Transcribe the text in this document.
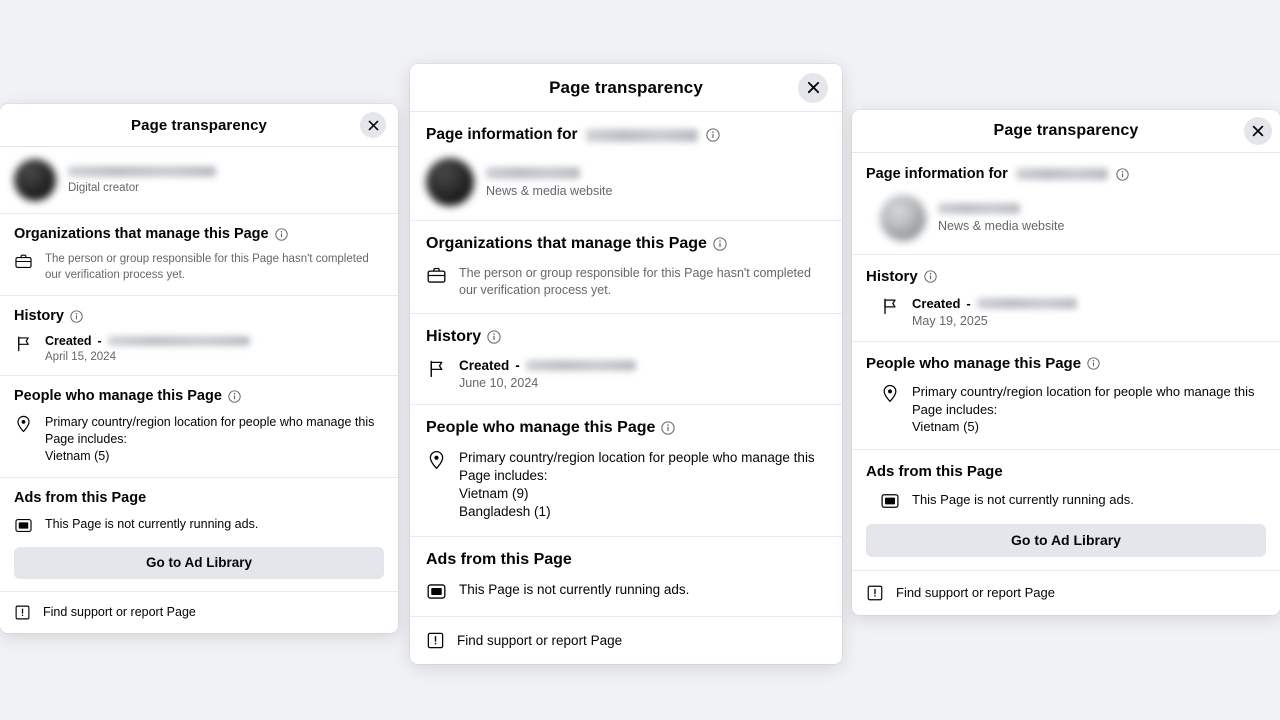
Page transparency
Digital creator
Organizations that manage this Page
The person or group responsible for this Page hasn't completed our verification process yet.
History
Created -
April 15, 2024
People who manage this Page
Primary country/region location for people who manage this Page includes:
Vietnam (5)
Ads from this Page
This Page is not currently running ads.
Go to Ad Library
Find support or report Page
Page transparency
Page information for
News & media website
Organizations that manage this Page
The person or group responsible for this Page hasn't completed our verification process yet.
History
Created -
June 10, 2024
People who manage this Page
Primary country/region location for people who manage this Page includes:
Vietnam (9)
Bangladesh (1)
Ads from this Page
This Page is not currently running ads.
Find support or report Page
Page transparency
Page information for
News & media website
History
Created -
May 19, 2025
People who manage this Page
Primary country/region location for people who manage this Page includes:
Vietnam (5)
Ads from this Page
This Page is not currently running ads.
Go to Ad Library
Find support or report Page
